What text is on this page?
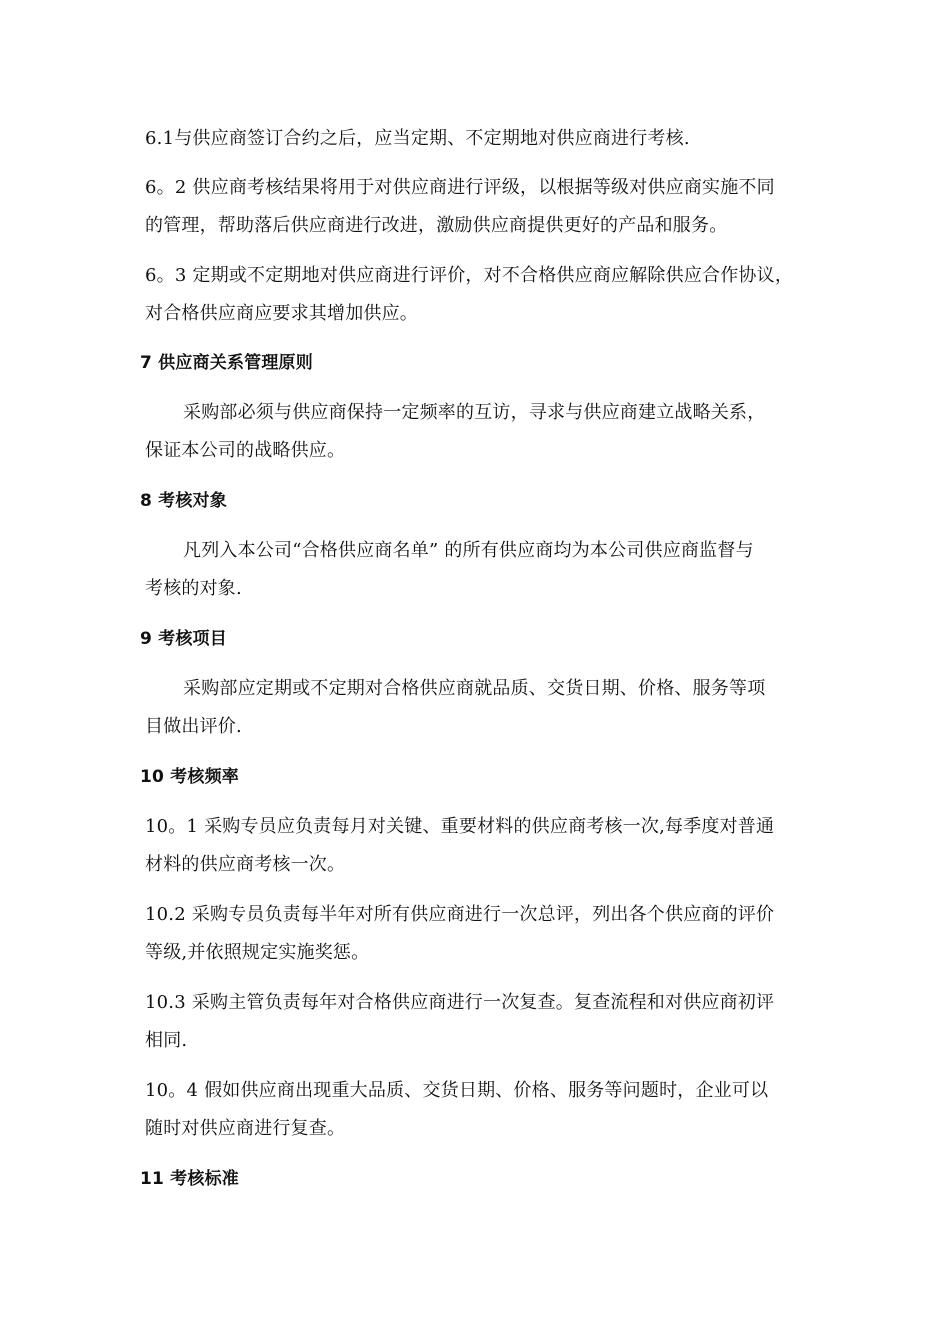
6.1与供应商签订合约之后，应当定期、不定期地对供应商进行考核.
6。2 供应商考核结果将用于对供应商进行评级，以根据等级对供应商实施不同
的管理，帮助落后供应商进行改进，激励供应商提供更好的产品和服务。
6。3 定期或不定期地对供应商进行评价，对不合格供应商应解除供应合作协议，
对合格供应商应要求其增加供应。
7 供应商关系管理原则
采购部必须与供应商保持一定频率的互访，寻求与供应商建立战略关系，
保证本公司的战略供应。
8 考核对象
凡列入本公司“合格供应商名单” 的所有供应商均为本公司供应商监督与
考核的对象.
9 考核项目
采购部应定期或不定期对合格供应商就品质、交货日期、价格、服务等项
目做出评价.
10 考核频率
10。1 采购专员应负责每月对关键、重要材料的供应商考核一次,每季度对普通
材料的供应商考核一次。
10.2 采购专员负责每半年对所有供应商进行一次总评，列出各个供应商的评价
等级,并依照规定实施奖惩。
10.3 采购主管负责每年对合格供应商进行一次复查。复查流程和对供应商初评
相同.
10。4 假如供应商出现重大品质、交货日期、价格、服务等问题时，企业可以
随时对供应商进行复查。
11 考核标准
